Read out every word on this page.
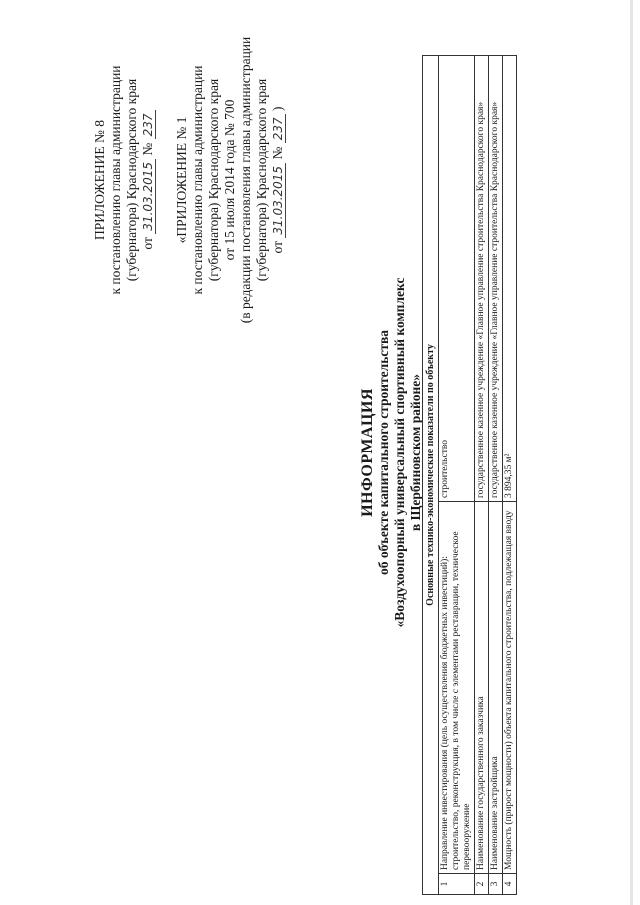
ПРИЛОЖЕНИЕ № 8 к постановлению главы администрации (губернатора) Краснодарского края от 31.03.2015 № 237 «ПРИЛОЖЕНИЕ № 1 к постановлению главы администрации (губернатора) Краснодарского края от 15 июля 2014 года № 700 (в редакции постановления главы администрации (губернатора) Краснодарского края от 31.03.2015 № 237 )
ИНФОРМАЦИЯ об объекте капитального строительства «Воздухоопорный универсальный спортивный комплекс в Щербиновском районе» Основные технико-экономические показатели по объекту		
1	Направление инвестирования (цель осуществления бюджетных инвестиций): строительство, реконструкция, в том числе с элементами реставрации, техническое перевооружение	строительство
2	Наименование государственного заказчика	государственное казенное учреждение «Главное управление строительства Краснодарского края»
3	Наименование застройщика	государственное казенное учреждение «Главное управление строительства Краснодарского края»
4	Мощность (прирост мощности) объекта капитального строительства, подлежащая вводу	3 894,35 м²
